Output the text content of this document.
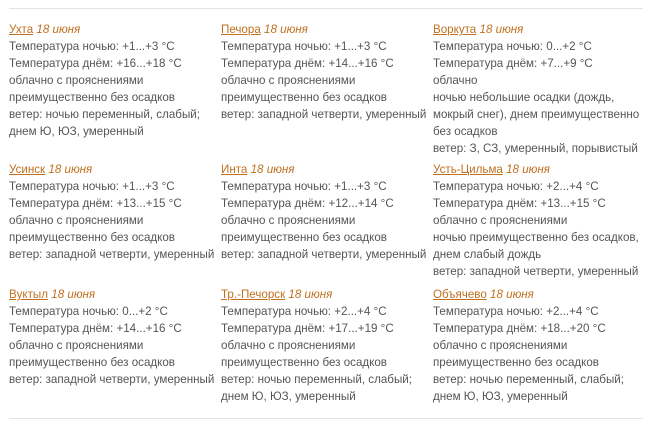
Ухта 18 июня
Температура ночью: +1...+3 °C
Температура днём: +16...+18 °C
облачно с прояснениями
преимущественно без осадков
ветер: ночью переменный, слабый;
днем Ю, ЮЗ, умеренный
Печора 18 июня
Температура ночью: +1...+3 °C
Температура днём: +14...+16 °C
облачно с прояснениями
преимущественно без осадков
ветер: западной четверти, умеренный
Воркута 18 июня
Температура ночью: 0...+2 °C
Температура днём: +7...+9 °C
облачно
ночью небольшие осадки (дождь,
мокрый снег), днем преимущественно
без осадков
ветер: З, СЗ, умеренный, порывистый
Усинск 18 июня
Температура ночью: +1...+3 °C
Температура днём: +13...+15 °C
облачно с прояснениями
преимущественно без осадков
ветер: западной четверти, умеренный
Инта 18 июня
Температура ночью: +1...+3 °C
Температура днём: +12...+14 °C
облачно с прояснениями
преимущественно без осадков
ветер: западной четверти, умеренный
Усть-Цильма 18 июня
Температура ночью: +2...+4 °C
Температура днём: +13...+15 °C
облачно с прояснениями
ночью преимущественно без осадков,
днем слабый дождь
ветер: западной четверти, умеренный
Вуктыл 18 июня
Температура ночью: 0...+2 °C
Температура днём: +14...+16 °C
облачно с прояснениями
преимущественно без осадков
ветер: западной четверти, умеренный
Тр.-Печорск 18 июня
Температура ночью: +2...+4 °C
Температура днём: +17...+19 °C
облачно с прояснениями
преимущественно без осадков
ветер: ночью переменный, слабый;
днем Ю, ЮЗ, умеренный
Объячево 18 июня
Температура ночью: +2...+4 °C
Температура днём: +18...+20 °C
облачно с прояснениями
преимущественно без осадков
ветер: ночью переменный, слабый;
днем Ю, ЮЗ, умеренный
